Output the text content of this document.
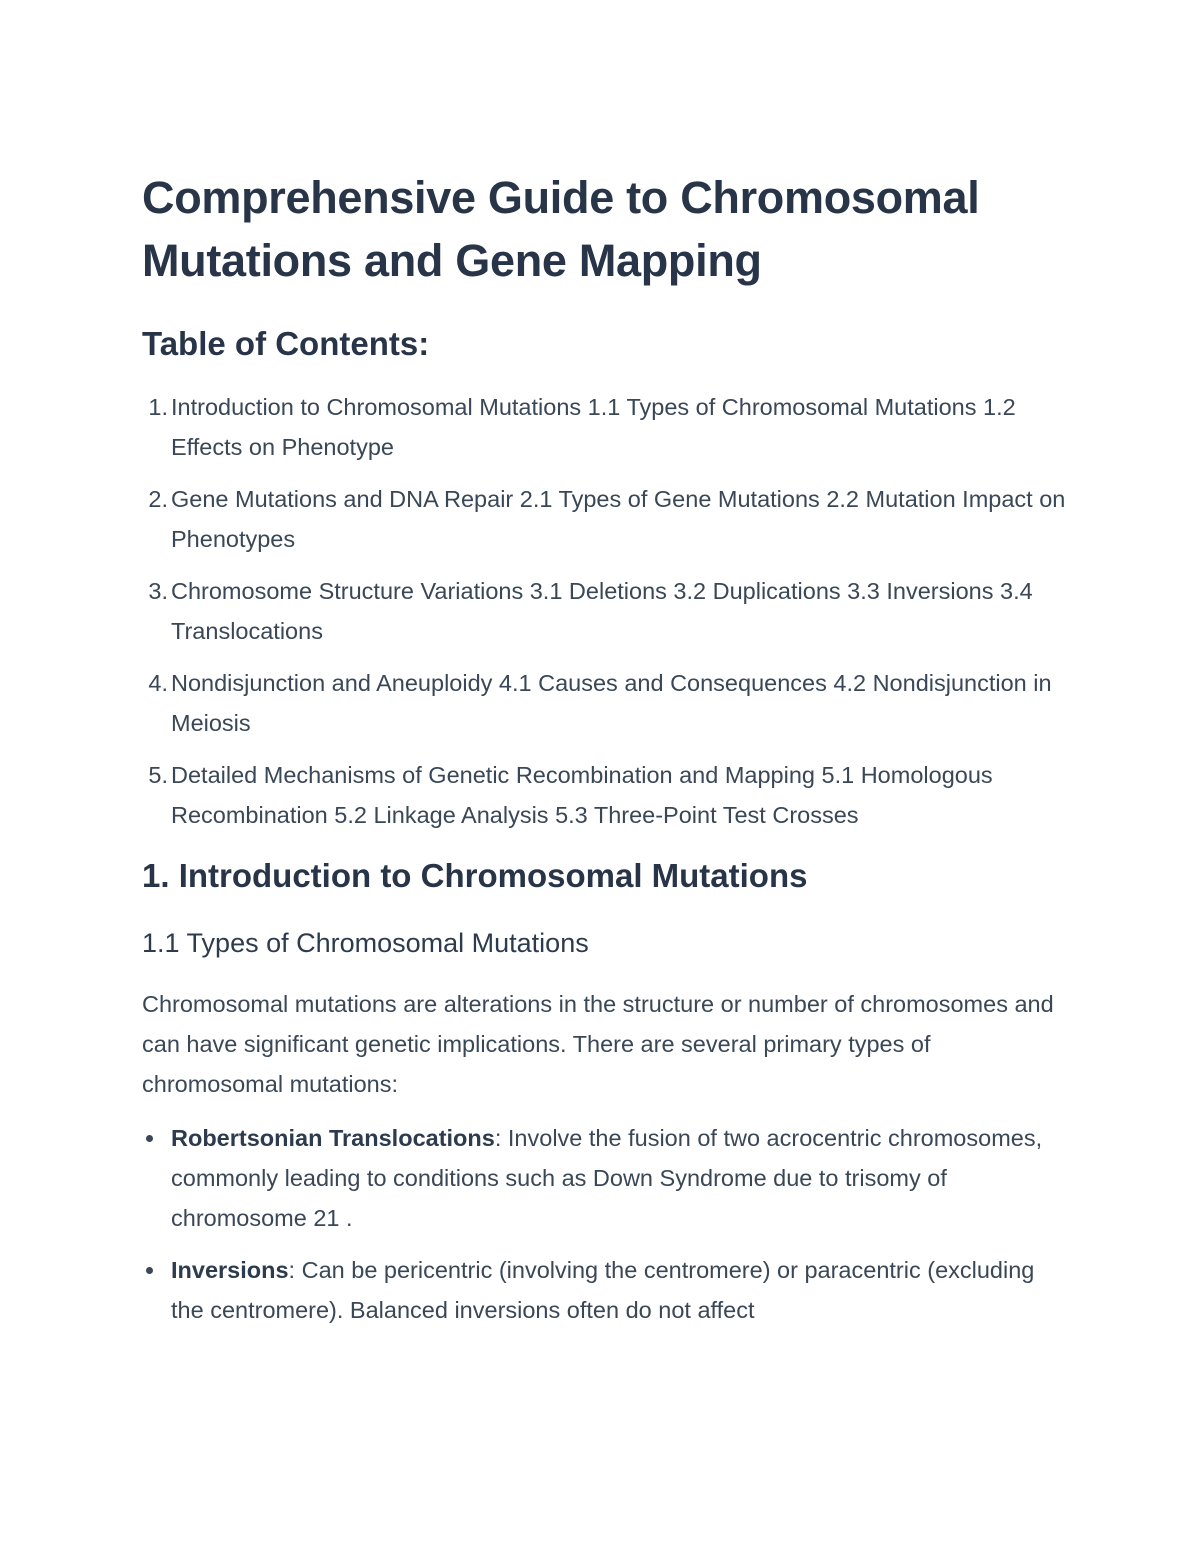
Comprehensive Guide to Chromosomal Mutations and Gene Mapping
Table of Contents:
1. Introduction to Chromosomal Mutations 1.1 Types of Chromosomal Mutations 1.2 Effects on Phenotype
2. Gene Mutations and DNA Repair 2.1 Types of Gene Mutations 2.2 Mutation Impact on Phenotypes
3. Chromosome Structure Variations 3.1 Deletions 3.2 Duplications 3.3 Inversions 3.4 Translocations
4. Nondisjunction and Aneuploidy 4.1 Causes and Consequences 4.2 Nondisjunction in Meiosis
5. Detailed Mechanisms of Genetic Recombination and Mapping 5.1 Homologous Recombination 5.2 Linkage Analysis 5.3 Three-Point Test Crosses
1. Introduction to Chromosomal Mutations
1.1 Types of Chromosomal Mutations

Chromosomal mutations are alterations in the structure or number of chromosomes and can have significant genetic implications. There are several primary types of chromosomal mutations:

Robertsonian Translocations: Involve the fusion of two acrocentric chromosomes, commonly leading to conditions such as Down Syndrome due to trisomy of chromosome 21 .
Inversions: Can be pericentric (involving the centromere) or paracentric (excluding the centromere). Balanced inversions often do not affect
